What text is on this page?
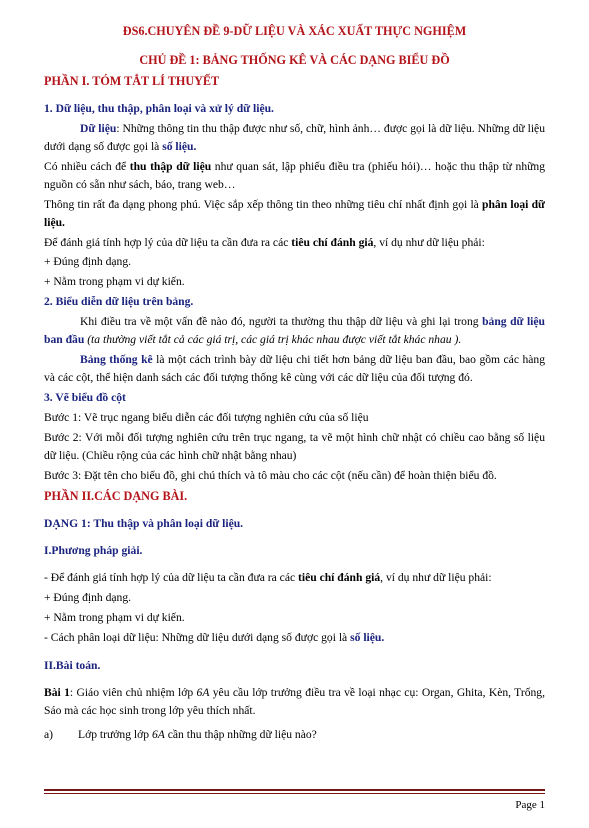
ĐS6.CHUYÊN ĐỀ 9-DỮ LIỆU VÀ XÁC XUẤT THỰC NGHIỆM
CHỦ ĐỀ 1: BẢNG THỐNG KÊ VÀ CÁC DẠNG BIỂU ĐỒ
PHẦN I. TÓM TẮT LÍ THUYẾT
1. Dữ liệu, thu thập, phân loại và xử lý dữ liệu.

Dữ liệu: Những thông tin thu thập được như số, chữ, hình ảnh… được gọi là dữ liệu. Những dữ liệu dưới dạng số được gọi là số liệu.

Có nhiều cách để thu thập dữ liệu như quan sát, lập phiếu điều tra (phiếu hỏi)… hoặc thu thập từ những nguồn có sẵn như sách, báo, trang web…

Thông tin rất đa dạng phong phú. Việc sắp xếp thông tin theo những tiêu chí nhất định gọi là phân loại dữ liệu.

Để đánh giá tính hợp lý của dữ liệu ta cần đưa ra các tiêu chí đánh giá, ví dụ như dữ liệu phải:

+ Đúng định dạng.

+ Nằm trong phạm vi dự kiến.

2. Biểu diễn dữ liệu trên bảng.

Khi điều tra về một vấn đề nào đó, người ta thường thu thập dữ liệu và ghi lại trong bảng dữ liệu ban đầu (ta thường viết tắt cả các giá trị, các giá trị khác nhau được viết tắt khác nhau ).

Bảng thống kê là một cách trình bày dữ liệu chi tiết hơn bảng dữ liệu ban đầu, bao gồm các hàng và các cột, thể hiện danh sách các đối tượng thống kê cùng với các dữ liệu của đối tượng đó.

3. Vẽ biểu đồ cột

Bước 1: Vẽ trục ngang biểu diễn các đối tượng nghiên cứu của số liệu

Bước 2: Với mỗi đối tượng nghiên cứu trên trục ngang, ta vẽ một hình chữ nhật có chiều cao bằng số liệu dữ liệu. (Chiều rộng của các hình chữ nhật bằng nhau)

Bước 3: Đặt tên cho biểu đồ, ghi chú thích và tô màu cho các cột (nếu cần) để hoàn thiện biểu đồ.

PHẦN II.CÁC DẠNG BÀI.
DẠNG 1: Thu thập và phân loại dữ liệu.
I.Phương pháp giải.

- Để đánh giá tính hợp lý của dữ liệu ta cần đưa ra các tiêu chí đánh giá, ví dụ như dữ liệu phải:

+ Đúng định dạng.

+ Nằm trong phạm vi dự kiến.

- Cách phân loại dữ liệu: Những dữ liệu dưới dạng số được gọi là số liệu.

II.Bài toán.

Bài 1: Giáo viên chủ nhiệm lớp 6A yêu cầu lớp trưởng điều tra về loại nhạc cụ: Organ, Ghita, Kèn, Trống, Sáo mà các học sinh trong lớp yêu thích nhất.

a)	Lớp trưởng lớp 6A cần thu thập những dữ liệu nào?
Page 1
